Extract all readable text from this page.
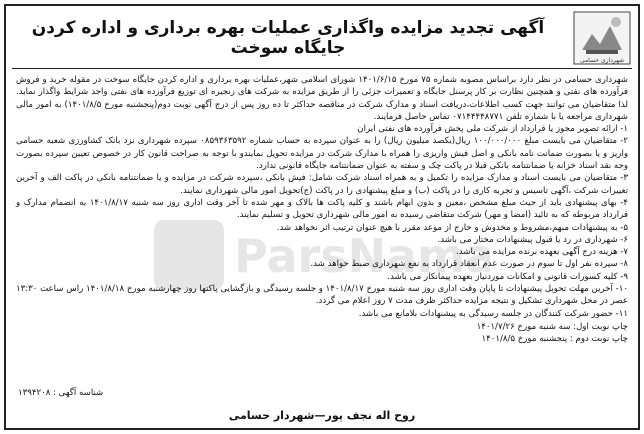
شهرداری حسامی
آگهی تجدید مزایده واگذاری عملیات بهره برداری و اداره کردن جایگاه سوخت
ParsNama

شهرداری حسامی در نظر دارد براساس مصوبه شماره ۷۵ مورخ ۱۴۰۱/۶/۱۵ شورای اسلامی شهر،عملیات بهره برداری و اداره کردن جایگاه سوخت در مقوله خرید و فروش فرآورده های نفتی و همچنین نظارت بر کار پرسنل جایگاه و تعمیرات جزئی را از طریق مزایده به شرکت های زنجیره ای توزیع فرآورده های نفتی واجد شرایط واگذار نماید. لذا متقاضیان می توانند جهت کسب اطلاعات،دریافت اسناد و مدارک شرکت در مناقصه حداکثر تا ده روز پس از درج آگهی نوبت دوم(پنجشنبه مورخ ۱۴۰۱/۸/۵) به امور مالی شهرداری مراجعه یا با شماره تلفن ۰۷۱۴۴۴۴۸۷۷۱ تماس حاصل فرمایند.

۱- ارائه تصویر مجوز یا قرارداد از شرکت ملی پخش فرآورده های نفتی ایران
۲- متقاضیان می بایست مبلغ ۱۰۰/۰۰۰/۰۰۰ ریال(یکصد میلیون ریال) را به عنوان سپرده به حساب شماره ۰۸۵۹۳۶۳۵۹۲ سپرده شهرداری نزد بانک کشاورزی شعبه حسامی واریز و یا بصورت ضمانت نامه بانکی و اصل فیش واریزی را همراه با مدارک شرکت در مزایده تحویل نمایندو با توجه به صراحت قانون کار در خصوص تعیین سپرده بصورت وجه نقد اسناد خزانه یا ضمانتنامه بانکی قبلا در پاکت چک و سفته به عنوان ضمانتنامه جایگاه قانونی ندارد.
۳- متقاضیان می بایست اسناد و مدارک مزایده را تکمیل و به همراه اسناد شرکت شامل: فیش بانکی ،سپرده شرکت در مزایده و یا ضمانتنامه بانکی در پاکت الف و آخرین تغییرات شرکت ،آگهی تاسیس و تجربه کاری را در پاکت (ب) و مبلغ پیشنهادی را در پاکت (ج)تحویل امور مالی شهرداری نمایند.
۴- بهای پیشنهادی باید از حیث مبلغ مشخص ،معین و بدون ابهام باشند و کلیه پاکت ها بالاک و مهر شده تا آخر وقت اداری روز سه شنبه ۱۴۰۱/۸/۱۷ به انضمام مدارک و قرارداد مربوطه که به تائید (امضا و مهر) شرکت متقاضی رسیده به امور مالی شهرداری تحویل و تسلیم نمایند.
۵- به پیشنهادات مبهم،مشروط و مخدوش و خارج از موعد مقرر با هیچ عنوان ترتیب اثر نخواهد شد.
۶- شهرداری در رد یا قبول پیشنهادات مختار می باشد.
۷- هزینه درج آگهی بعهده برنده مزایده می باشد.
۸- سپرده نفر اول تا سوم در صورت عدم انعقاد قرارداد به نفع شهرداری ضبط خواهد شد.
۹- کلیه کسورات قانونی و امکانات موردنیاز بعهده پیمانکار می باشد.
۱۰- آخرین مهلت تحویل پیشنهادات تا پایان وقت اداری روز سه شنبه مورخ ۱۴۰۱/۸/۱۷ و جلسه رسیدگی و بازگشایی پاکتها روز چهارشنبه مورخ ۱۴۰۱/۸/۱۸ راس ساعت ۱۳:۳۰ عصر در محل شهرداری تشکیل و نتیجه مزایده حداکثر ظرف مدت ۷ روز اعلام می گردد.
۱۱- حضور شرکت کنندگان در جلسه رسیدگی به پیشنهادات بلامانع می باشد.
چاپ نوبت اول: سه شنبه مورخ ۱۴۰۱/۷/۲۶
چاپ نوبت دوم : پنجشنبه مورخ ۱۴۰۱/۸/۵
شناسه آگهی : ۱۳۹۴۲۰۸
روح اله نجف پور—شهردار حسامی
